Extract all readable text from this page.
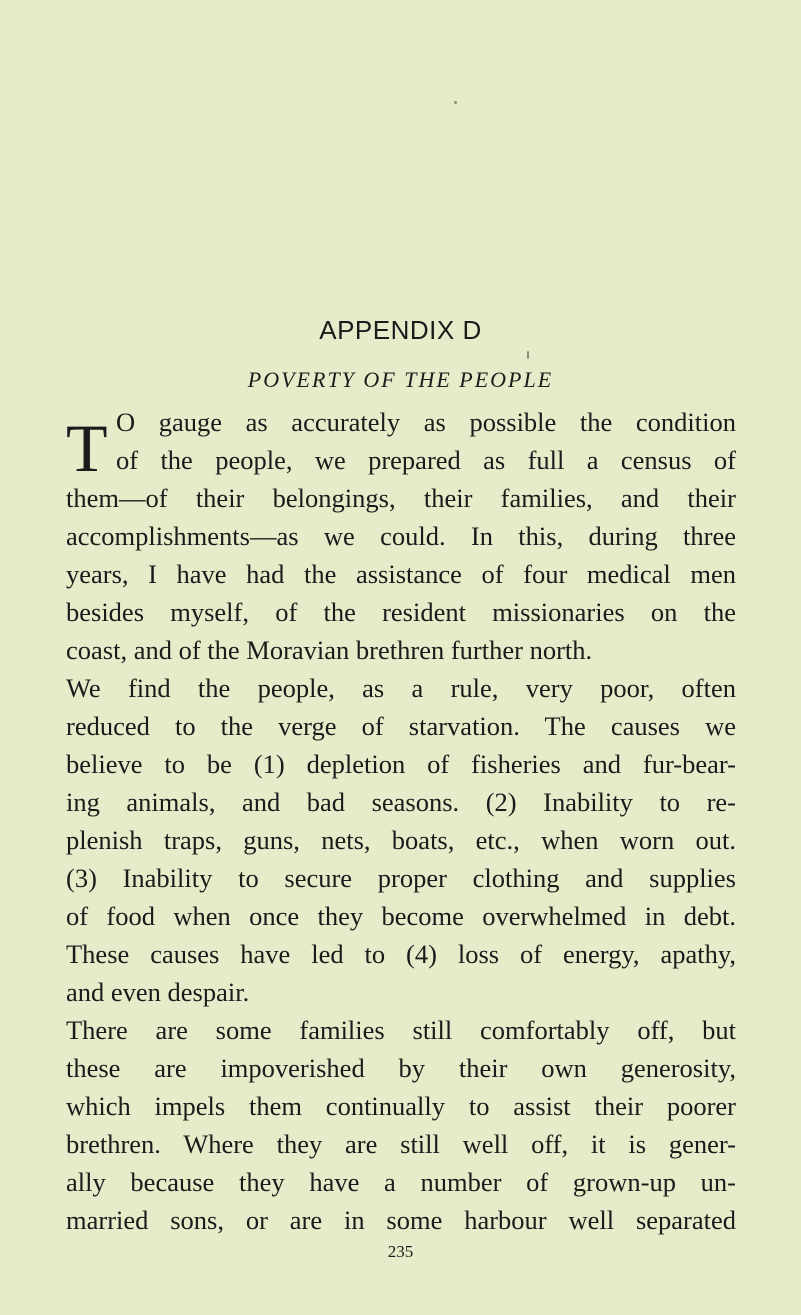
APPENDIX D
POVERTY OF THE PEOPLE
T O gauge as accurately as possible the condition
of the people, we prepared as full a census of
them—of their belongings, their families, and their
accomplishments—as we could. In this, during three
years, I have had the assistance of four medical men
besides myself, of the resident missionaries on the
coast, and of the Moravian brethren further north.
We find the people, as a rule, very poor, often
reduced to the verge of starvation. The causes we
believe to be (1) depletion of fisheries and fur-bear-
ing animals, and bad seasons. (2) Inability to re-
plenish traps, guns, nets, boats, etc., when worn out.
(3) Inability to secure proper clothing and supplies
of food when once they become overwhelmed in debt.
These causes have led to (4) loss of energy, apathy,
and even despair.
There are some families still comfortably off, but
these are impoverished by their own generosity,
which impels them continually to assist their poorer
brethren. Where they are still well off, it is gener-
ally because they have a number of grown-up un-
married sons, or are in some harbour well separated
235
